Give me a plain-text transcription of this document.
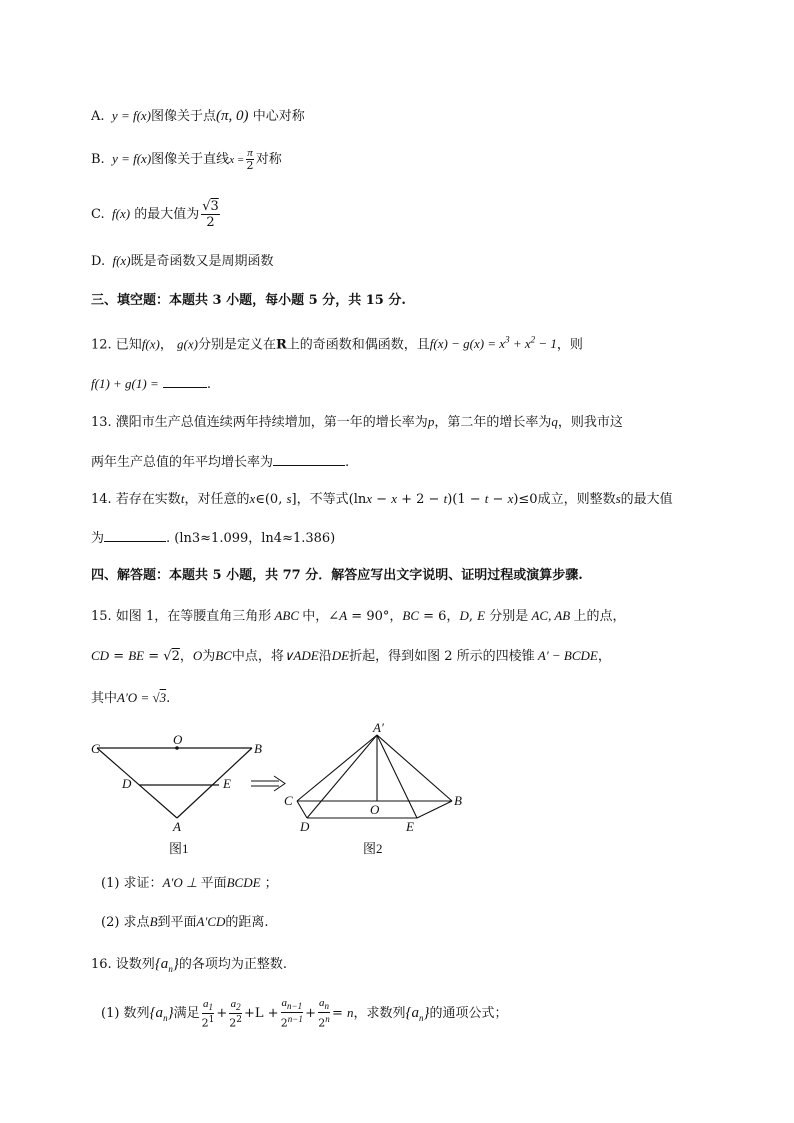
A.  y = f(x)图像关于点(π, 0) 中心对称
B.  y = f(x)图像关于直线$x = \frac{\pi}{2}$ 对称
C.  f(x) 的最大值为 $\frac{√3}{2}$
D.  f(x)既是奇函数又是周期函数
三、填空题：本题共 3 小题，每小题 5 分，共 15 分.
12. 已知f(x)， g(x)分别是定义在R上的奇函数和偶函数，且$f(x) - g(x) = x^3 + x^2 - 1$，则
f(1) + g(1) =	.
13. 濮阳市生产总值连续两年持续增加，第一年的增长率为p，第二年的增长率为q，则我市这
两年生产总值的年平均增长率为	.
14. 若存在实数t，对任意的x∈(0, s]，不等式(lnx − x + 2 − t)(1 − t − x)≤0成立，则整数s的最大值
为	. (ln3≈1.099，ln4≈1.386)
四、解答题：本题共 5 小题，共 77 分．解答应写出文字说明、证明过程或演算步骤.
15. 如图 1，在等腰直角三角形 ABC 中，∠A = 90°，BC = 6，D, E 分别是 AC, AB 上的点，
CD = BE = √2，O为BC中点，将∨ADE沿DE折起，得到如图 2 所示的四棱锥 A′ − BCDE，
其中A′O = √3.
C	B
O
D	E
A
图1
A′
C	B
O
D	E
图2
(1) 求证：A′O ⊥ 平面BCDE ；
(2) 求点B到平面A′CD的距离.
16. 设数列$\{a_n\}$的各项均为正整数.
(1) 数列$\{a_n\}$满足 $\frac{a_1}{2^1} + \frac{a_2}{2^2} +L + \frac{a_{n-1}}{2^{n-1}} + \frac{a_n}{2^n} = n$，求数列$\{a_n\}$的通项公式；
